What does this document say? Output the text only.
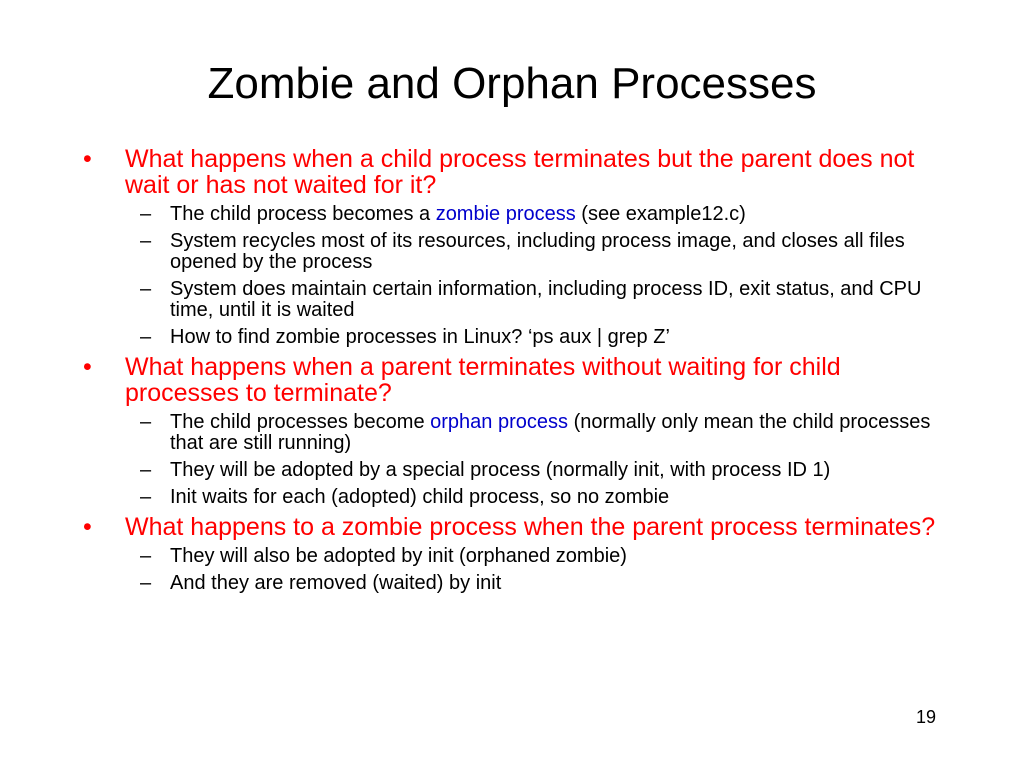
Zombie and Orphan Processes
• What happens when a child process terminates but the parent does not wait or has not waited for it?
– The child process becomes a zombie process (see example12.c)
– System recycles most of its resources, including process image, and closes all files opened by the process
– System does maintain certain information, including process ID, exit status, and CPU time, until it is waited
– How to find zombie processes in Linux? ‘ps aux | grep Z’
• What happens when a parent terminates without waiting for child processes to terminate?
– The child processes become orphan process (normally only mean the child processes that are still running)
– They will be adopted by a special process (normally init, with process ID 1)
– Init waits for each (adopted) child process, so no zombie
• What happens to a zombie process when the parent process terminates?
– They will also be adopted by init (orphaned zombie)
– And they are removed (waited) by init
19
